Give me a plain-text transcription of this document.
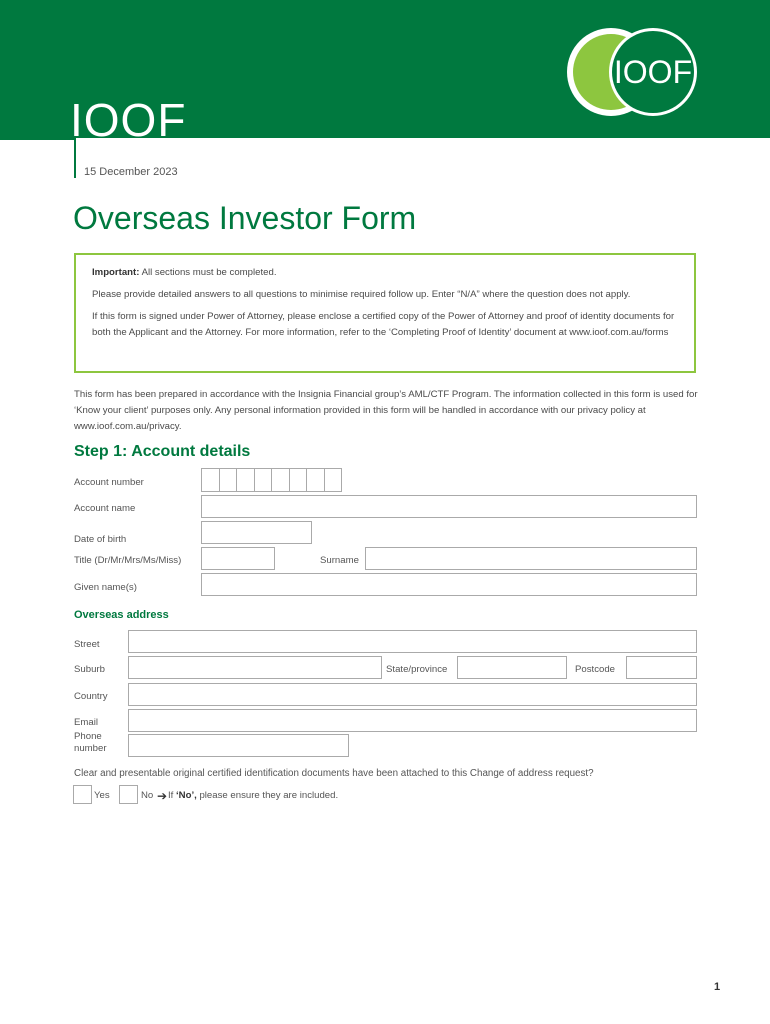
IOOF
IOOF
15 December 2023
Overseas Investor Form

Important: All sections must be completed.

Please provide detailed answers to all questions to minimise required follow up. Enter “N/A” where the question does not apply.

If this form is signed under Power of Attorney, please enclose a certified copy of the Power of Attorney and proof of identity documents for both the Applicant and the Attorney. For more information, refer to the ‘Completing Proof of Identity’ document at www.ioof.com.au/forms

This form has been prepared in accordance with the Insignia Financial group’s AML/CTF Program. The information collected in this form is used for ‘Know your client’ purposes only. Any personal information provided in this form will be handled in accordance with our privacy policy at www.ioof.com.au/privacy.

Step 1: Account details
Account number
Account name
Date of birth
Title (Dr/Mr/Mrs/Ms/Miss)	Surname
Given name(s)
Overseas address
Street
Suburb	State/province	Postcode
Country
Email
Phone
number
Clear and presentable original certified identification documents have been attached to this Change of address request?
Yes	No ➔ If ‘No’, please ensure they are included.
1
